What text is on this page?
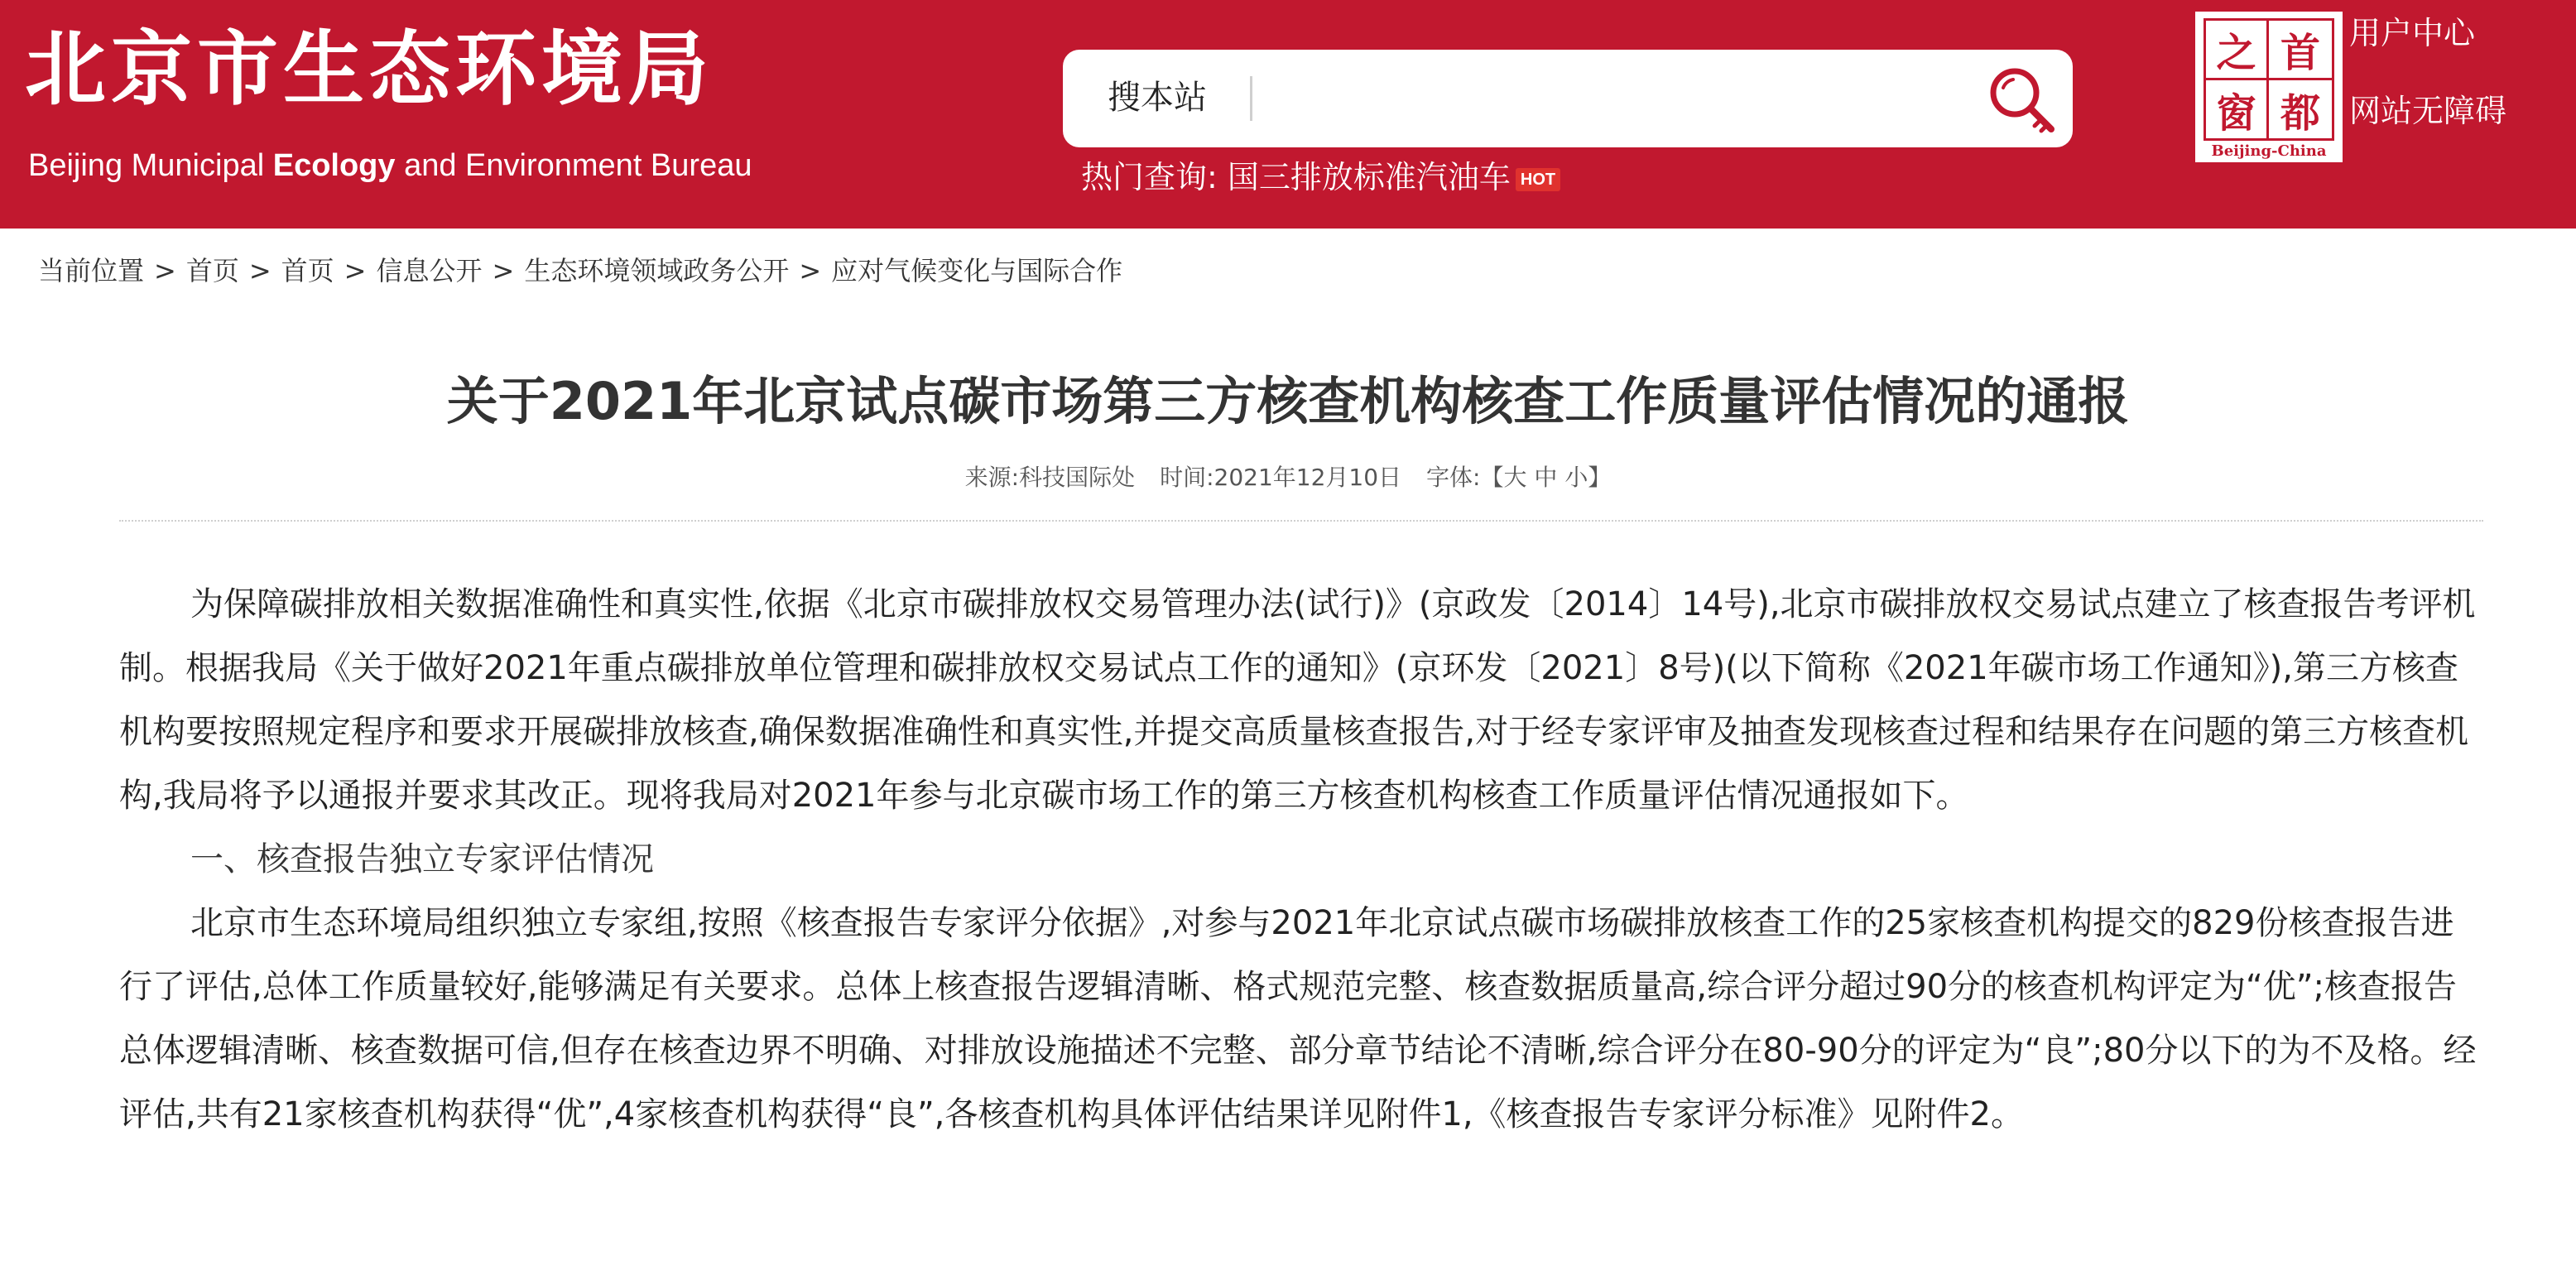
北京市生态环境局
Beijing Municipal Ecology and Environment Bureau
搜本站
热门查询: 国三排放标准汽油车 HOT
之 首
窗 都
Beijing-China
用户中心
网站无障碍
当前位置 > 首页 > 首页 > 信息公开 > 生态环境领域政务公开 > 应对气候变化与国际合作
关于2021年北京试点碳市场第三方核查机构核查工作质量评估情况的通报
来源:科技国际处 时间:2021年12月10日 字体:【大 中 小】

为保障碳排放相关数据准确性和真实性,依据《北京市碳排放权交易管理办法(试行)》(京政发〔2014〕14号),北京市碳排放权交易试点建立了核查报告考评机制。根据我局《关于做好2021年重点碳排放单位管理和碳排放权交易试点工作的通知》(京环发〔2021〕8号)(以下简称《2021年碳市场工作通知》),第三方核查机构要按照规定程序和要求开展碳排放核查,确保数据准确性和真实性,并提交高质量核查报告,对于经专家评审及抽查发现核查过程和结果存在问题的第三方核查机构,我局将予以通报并要求其改正。现将我局对2021年参与北京碳市场工作的第三方核查机构核查工作质量评估情况通报如下。

一、核查报告独立专家评估情况

北京市生态环境局组织独立专家组,按照《核查报告专家评分依据》,对参与2021年北京试点碳市场碳排放核查工作的25家核查机构提交的829份核查报告进行了评估,总体工作质量较好,能够满足有关要求。总体上核查报告逻辑清晰、格式规范完整、核查数据质量高,综合评分超过90分的核查机构评定为“优”;核查报告总体逻辑清晰、核查数据可信,但存在核查边界不明确、对排放设施描述不完整、部分章节结论不清晰,综合评分在80-90分的评定为“良”;80分以下的为不及格。经评估,共有21家核查机构获得“优”,4家核查机构获得“良”,各核查机构具体评估结果详见附件1,《核查报告专家评分标准》见附件2。
